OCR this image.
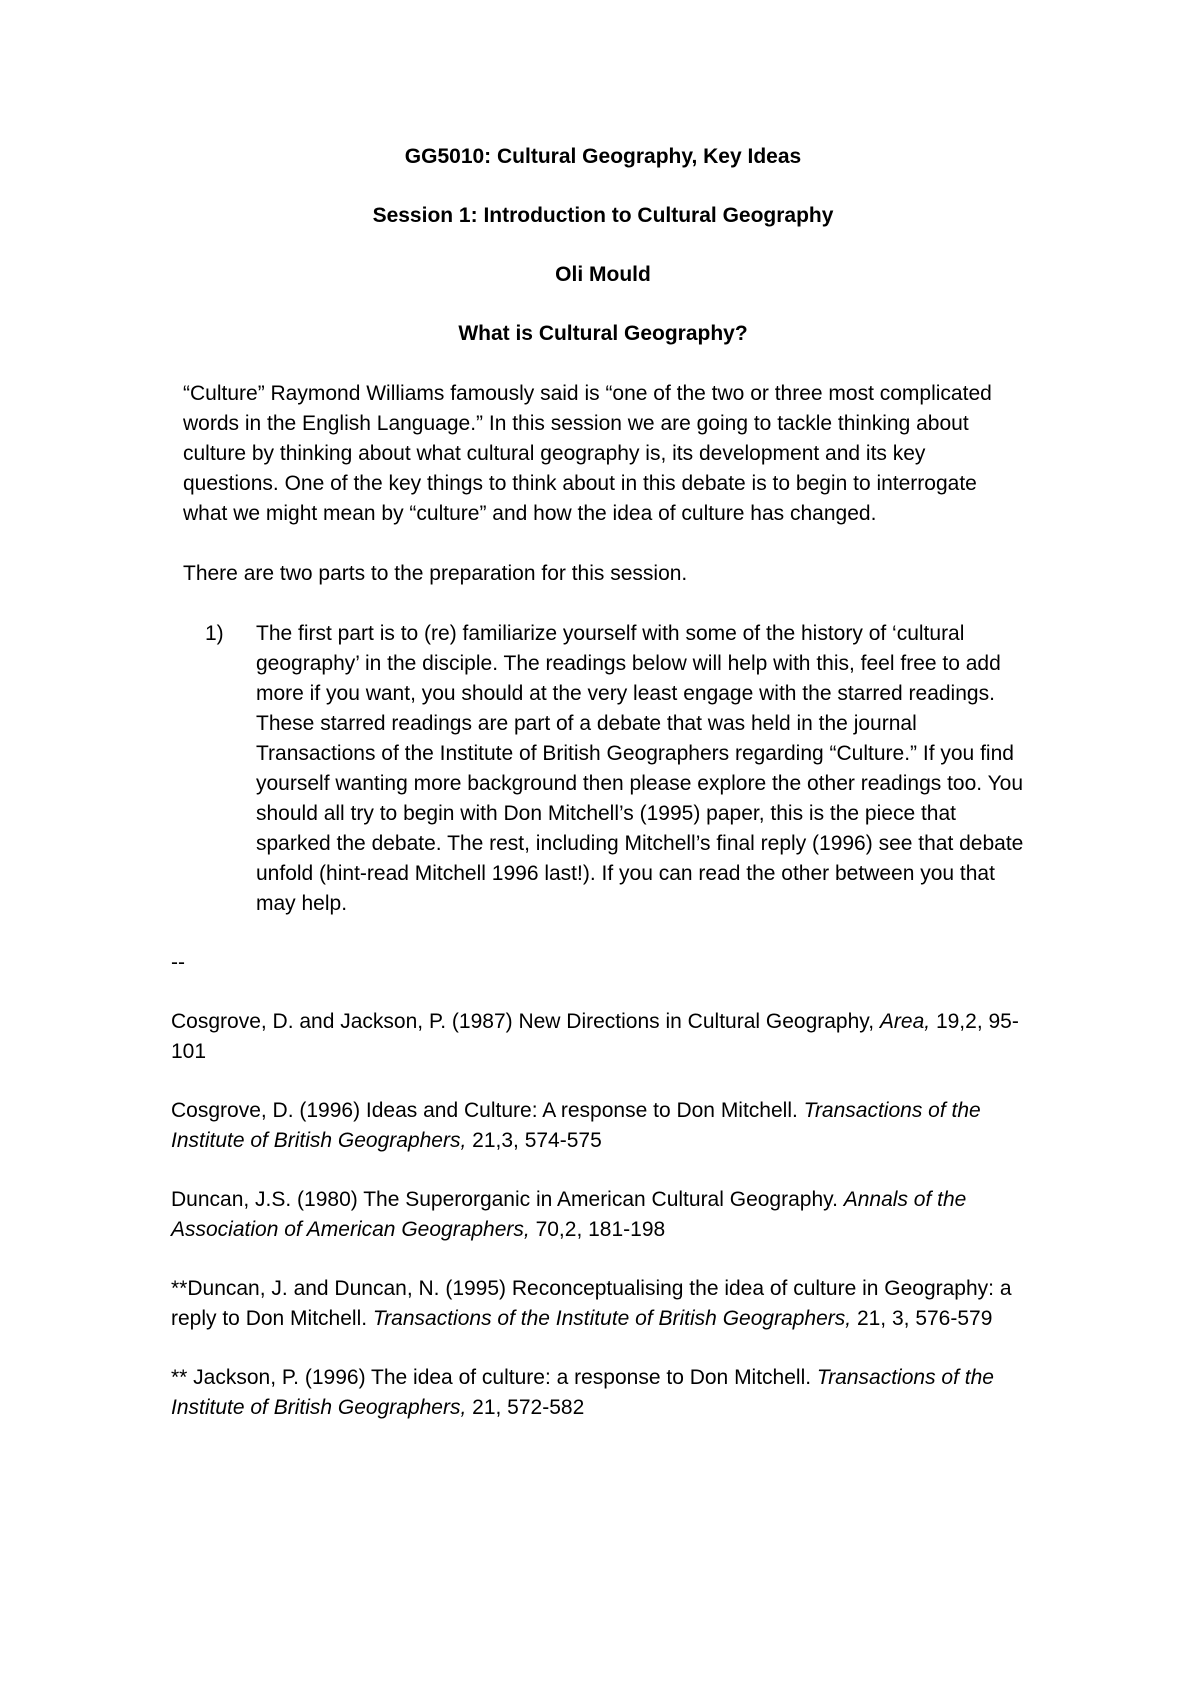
GG5010: Cultural Geography, Key Ideas
Session 1: Introduction to Cultural Geography
Oli Mould
What is Cultural Geography?

“Culture” Raymond Williams famously said is “one of the two or three most complicated words in the English Language.” In this session we are going to tackle thinking about culture by thinking about what cultural geography is, its development and its key questions. One of the key things to think about in this debate is to begin to interrogate what we might mean by “culture” and how the idea of culture has changed.

There are two parts to the preparation for this session.

1) The first part is to (re) familiarize yourself with some of the history of ‘cultural geography’ in the disciple. The readings below will help with this, feel free to add more if you want, you should at the very least engage with the starred readings. These starred readings are part of a debate that was held in the journal Transactions of the Institute of British Geographers regarding “Culture.” If you find yourself wanting more background then please explore the other readings too. You should all try to begin with Don Mitchell’s (1995) paper, this is the piece that sparked the debate. The rest, including Mitchell’s final reply (1996) see that debate unfold (hint-read Mitchell 1996 last!). If you can read the other between you that may help.

--

Cosgrove, D. and Jackson, P. (1987) New Directions in Cultural Geography, Area, 19,2, 95-101

Cosgrove, D. (1996) Ideas and Culture: A response to Don Mitchell. Transactions of the Institute of British Geographers, 21,3, 574-575

Duncan, J.S. (1980) The Superorganic in American Cultural Geography. Annals of the Association of American Geographers, 70,2, 181-198

**Duncan, J. and Duncan, N. (1995) Reconceptualising the idea of culture in Geography: a reply to Don Mitchell. Transactions of the Institute of British Geographers, 21, 3, 576-579

** Jackson, P. (1996) The idea of culture: a response to Don Mitchell. Transactions of the Institute of British Geographers, 21, 572-582
